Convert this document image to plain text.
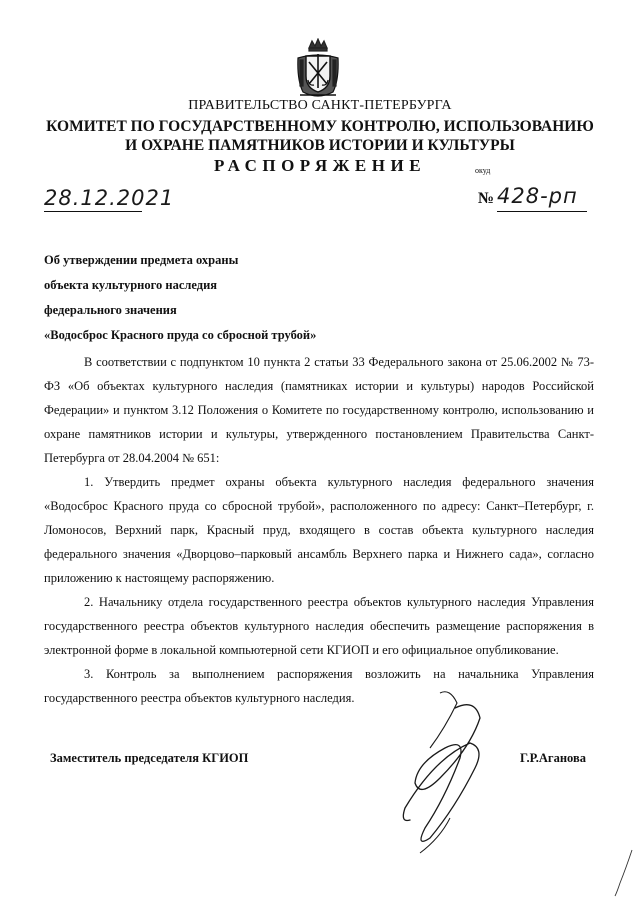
ПРАВИТЕЛЬСТВО САНКТ-ПЕТЕРБУРГА
КОМИТЕТ ПО ГОСУДАРСТВЕННОМУ КОНТРОЛЮ, ИСПОЛЬЗОВАНИЮ
И ОХРАНЕ ПАМЯТНИКОВ ИСТОРИИ И КУЛЬТУРЫ
РАСПОРЯЖЕНИЕ	окуд
28.12.2021	№ 428-рп
Об утверждении предмета охраны
объекта культурного наследия
федерального значения
«Водосброс Красного пруда со сбросной трубой»

В соответствии с подпунктом 10 пункта 2 статьи 33 Федерального закона от 25.06.2002 № 73-ФЗ «Об объектах культурного наследия (памятниках истории и культуры) народов Российской Федерации» и пунктом 3.12 Положения о Комитете по государственному контролю, использованию и охране памятников истории и культуры, утвержденного постановлением Правительства Санкт-Петербурга от 28.04.2004 № 651:

1. Утвердить предмет охраны объекта культурного наследия федерального значения «Водосброс Красного пруда со сбросной трубой», расположенного по адресу: Санкт–Петербург, г. Ломоносов, Верхний парк, Красный пруд, входящего в состав объекта культурного наследия федерального значения «Дворцово–парковый ансамбль Верхнего парка и Нижнего сада», согласно приложению к настоящему распоряжению.

2. Начальнику отдела государственного реестра объектов культурного наследия Управления государственного реестра объектов культурного наследия обеспечить размещение распоряжения в электронной форме в локальной компьютерной сети КГИОП и его официальное опубликование.

3. Контроль за выполнением распоряжения возложить на начальника Управления государственного реестра объектов культурного наследия.

Заместитель председателя КГИОП	Г.Р.Аганова
